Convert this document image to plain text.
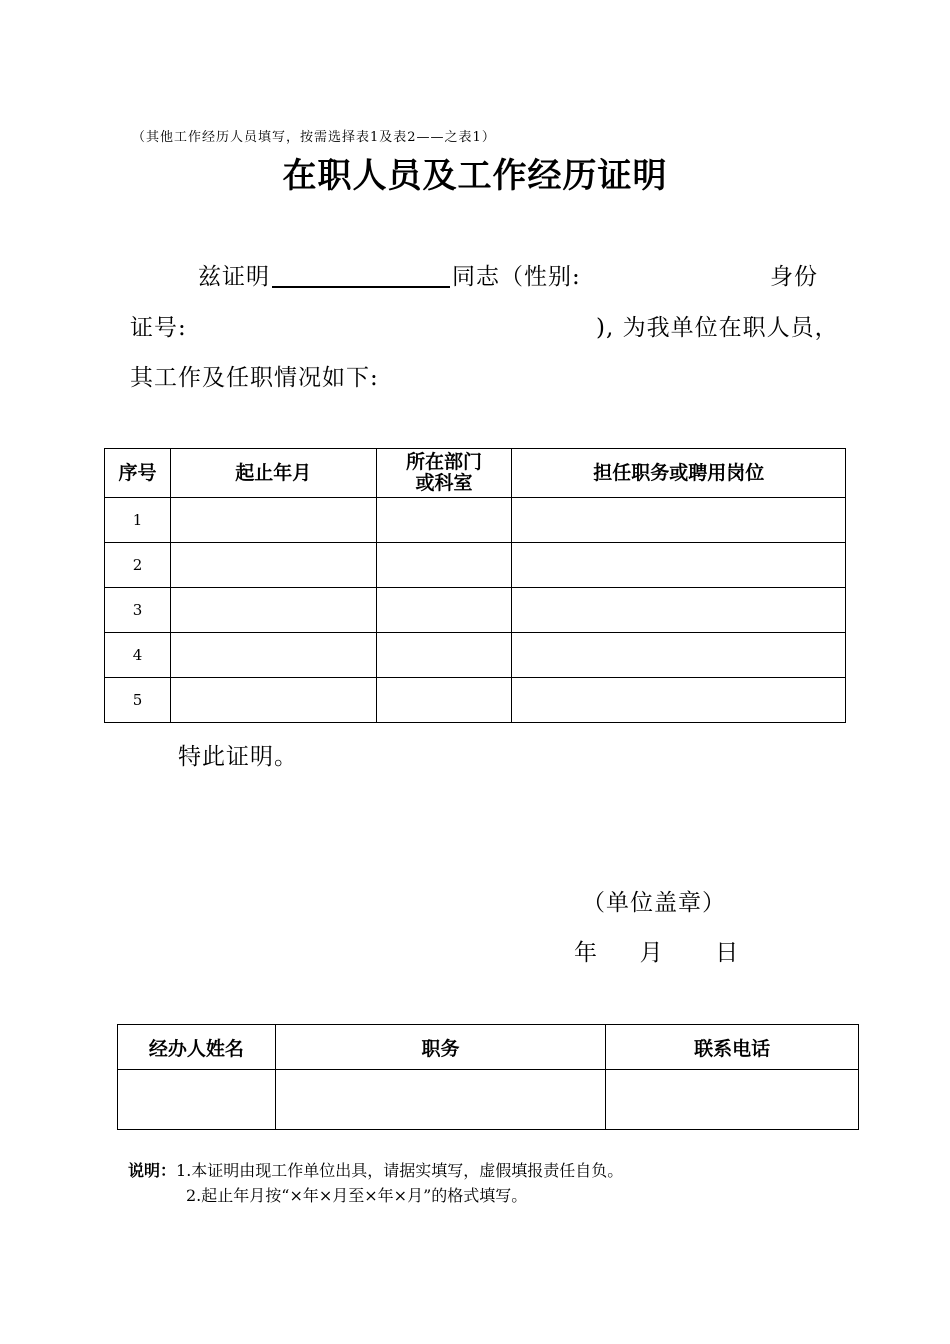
（其他工作经历人员填写，按需选择表1及表2——之表1）
在职人员及工作经历证明
兹证明	同志（性别:	身份
证号:	), 为我单位在职人员，
其工作及任职情况如下:
序号	起止年月	所在部门
或科室	担任职务或聘用岗位
1			
2			
3			
4			
5			
特此证明。
（单位盖章）
年 月 日
经办人姓名	职务	联系电话

说明：1.本证明由现工作单位出具，请据实填写，虚假填报责任自负。
2.起止年月按“×年×月至×年×月”的格式填写。
